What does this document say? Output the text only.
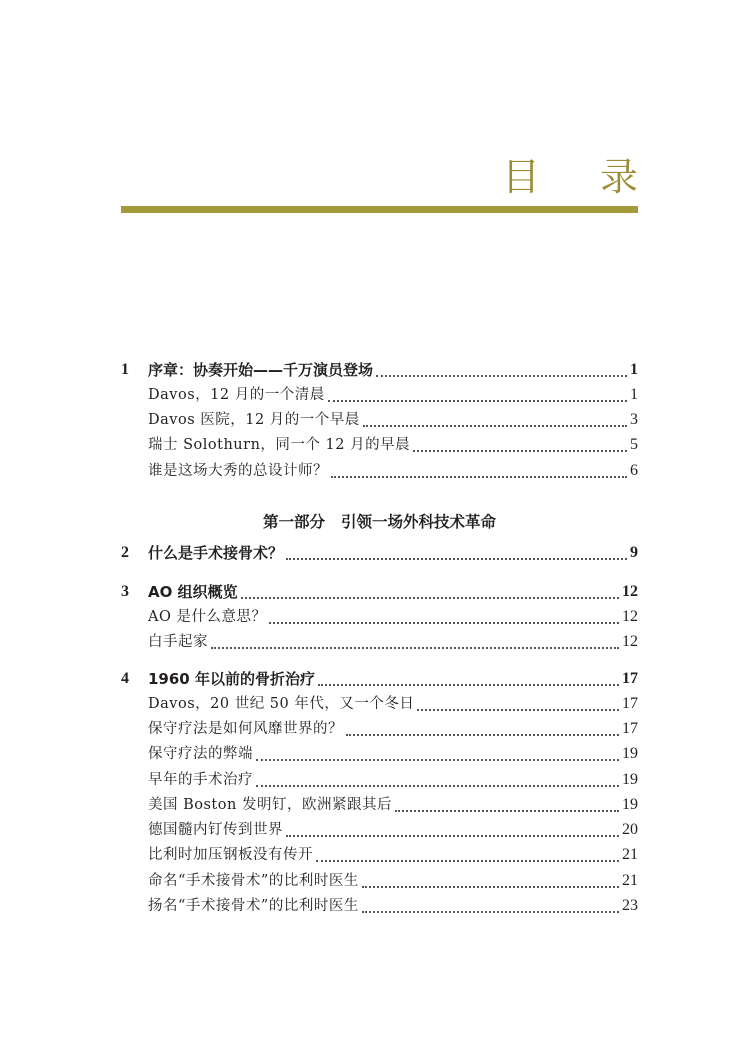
目 录
1	序章：协奏开始——千万演员登场	1
Davos，12 月的一个清晨	1
Davos 医院，12 月的一个早晨	3
瑞士 Solothurn，同一个 12 月的早晨	5
谁是这场大秀的总设计师？	6
2	什么是手术接骨术？	9
3	AO 组织概览	12
AO 是什么意思？	12
白手起家	12
4	1960 年以前的骨折治疗	17
Davos，20 世纪 50 年代，又一个冬日	17
保守疗法是如何风靡世界的？	17
保守疗法的弊端	19
早年的手术治疗	19
美国 Boston 发明钉，欧洲紧跟其后	19
德国髓内钉传到世界	20
比利时加压钢板没有传开	21
命名“手术接骨术”的比利时医生	21
扬名“手术接骨术”的比利时医生	23
第一部分 引领一场外科技术革命
